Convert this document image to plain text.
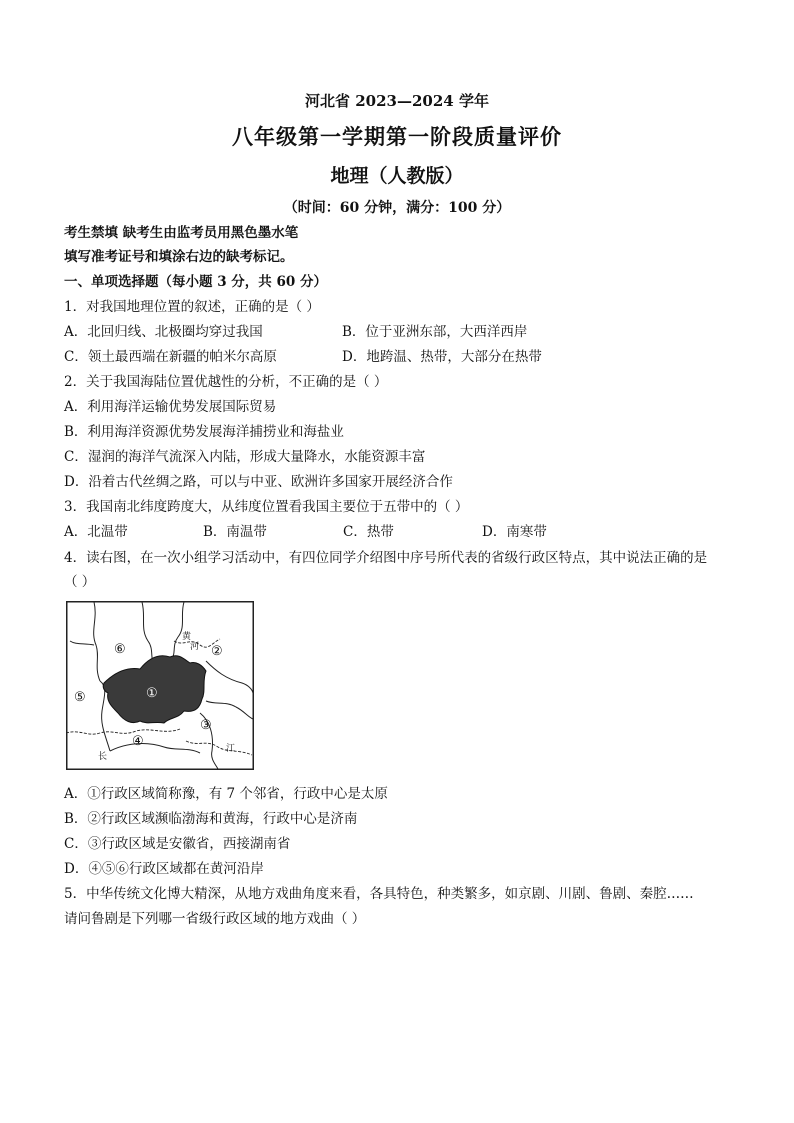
河北省 2023—2024 学年
八年级第一学期第一阶段质量评价
地理（人教版）
（时间：60 分钟，满分：100 分）
考生禁填 缺考生由监考员用黑色墨水笔
填写准考证号和填涂右边的缺考标记。
一、单项选择题（每小题 3 分，共 60 分）
1．对我国地理位置的叙述，正确的是（ ）
A．北回归线、北极圈均穿过我国	B．位于亚洲东部，大西洋西岸
C．领土最西端在新疆的帕米尔高原	D．地跨温、热带，大部分在热带
2．关于我国海陆位置优越性的分析，不正确的是（ ）
A．利用海洋运输优势发展国际贸易
B．利用海洋资源优势发展海洋捕捞业和海盐业
C．湿润的海洋气流深入内陆，形成大量降水，水能资源丰富
D．沿着古代丝绸之路，可以与中亚、欧洲许多国家开展经济合作
3．我国南北纬度跨度大，从纬度位置看我国主要位于五带中的（ ）
A．北温带	B．南温带	C．热带	D．南寒带
4．读右图，在一次小组学习活动中，有四位同学介绍图中序号所代表的省级行政区特点，其中说法正确的是
（ ）
⑥	②
①
⑤
③
④
黄
河
长
江
A．①行政区域简称豫，有 7 个邻省，行政中心是太原
B．②行政区域濒临渤海和黄海，行政中心是济南
C．③行政区域是安徽省，西接湖南省
D．④⑤⑥行政区域都在黄河沿岸
5．中华传统文化博大精深，从地方戏曲角度来看，各具特色，种类繁多，如京剧、川剧、鲁剧、秦腔……
请问鲁剧是下列哪一省级行政区域的地方戏曲（ ）
